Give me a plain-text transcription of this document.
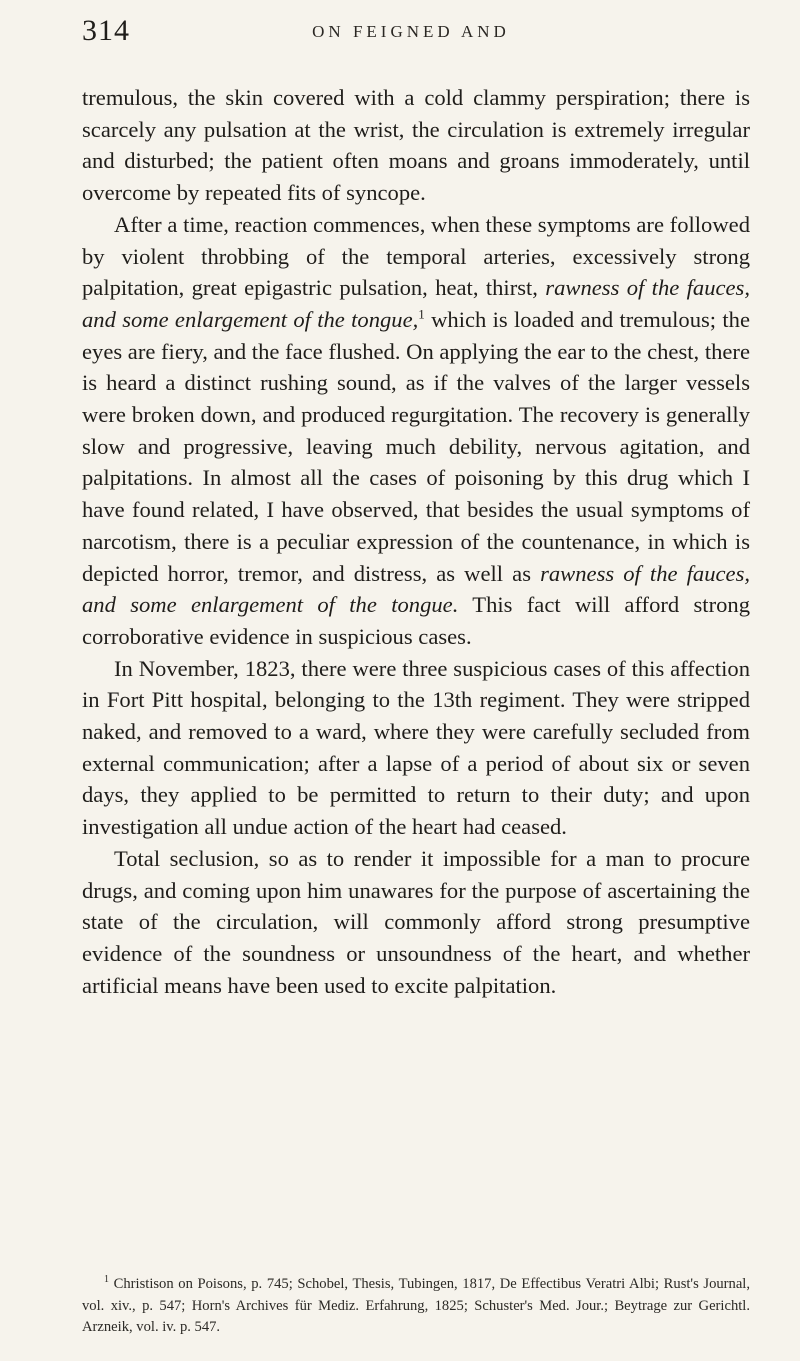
314	ON FEIGNED AND

tremulous, the skin covered with a cold clammy perspiration; there is scarcely any pulsation at the wrist, the circulation is extremely irregular and disturbed; the patient often moans and groans immoderately, until overcome by repeated fits of syncope.

After a time, reaction commences, when these symptoms are followed by violent throbbing of the temporal arteries, excessively strong palpitation, great epigastric pulsation, heat, thirst, rawness of the fauces, and some enlargement of the tongue,$^1$ which is loaded and tremulous; the eyes are fiery, and the face flushed. On applying the ear to the chest, there is heard a distinct rushing sound, as if the valves of the larger vessels were broken down, and produced regurgitation. The recovery is generally slow and progressive, leaving much debility, nervous agitation, and palpitations. In almost all the cases of poisoning by this drug which I have found related, I have observed, that besides the usual symptoms of narcotism, there is a peculiar expression of the countenance, in which is depicted horror, tremor, and distress, as well as rawness of the fauces, and some enlargement of the tongue. This fact will afford strong corroborative evidence in suspicious cases.

In November, 1823, there were three suspicious cases of this affection in Fort Pitt hospital, belonging to the 13th regiment. They were stripped naked, and removed to a ward, where they were carefully secluded from external communication; after a lapse of a period of about six or seven days, they applied to be permitted to return to their duty; and upon investigation all undue action of the heart had ceased.

Total seclusion, so as to render it impossible for a man to procure drugs, and coming upon him unawares for the purpose of ascertaining the state of the circulation, will commonly afford strong presumptive evidence of the soundness or unsoundness of the heart, and whether artificial means have been used to excite palpitation.

$^1$ Christison on Poisons, p. 745; Schobel, Thesis, Tubingen, 1817, De Effectibus Veratri Albi; Rust's Journal, vol. xiv., p. 547; Horn's Archives für Mediz. Erfahrung, 1825; Schuster's Med. Jour.; Beytrage zur Gerichtl. Arzneik, vol. iv. p. 547.
